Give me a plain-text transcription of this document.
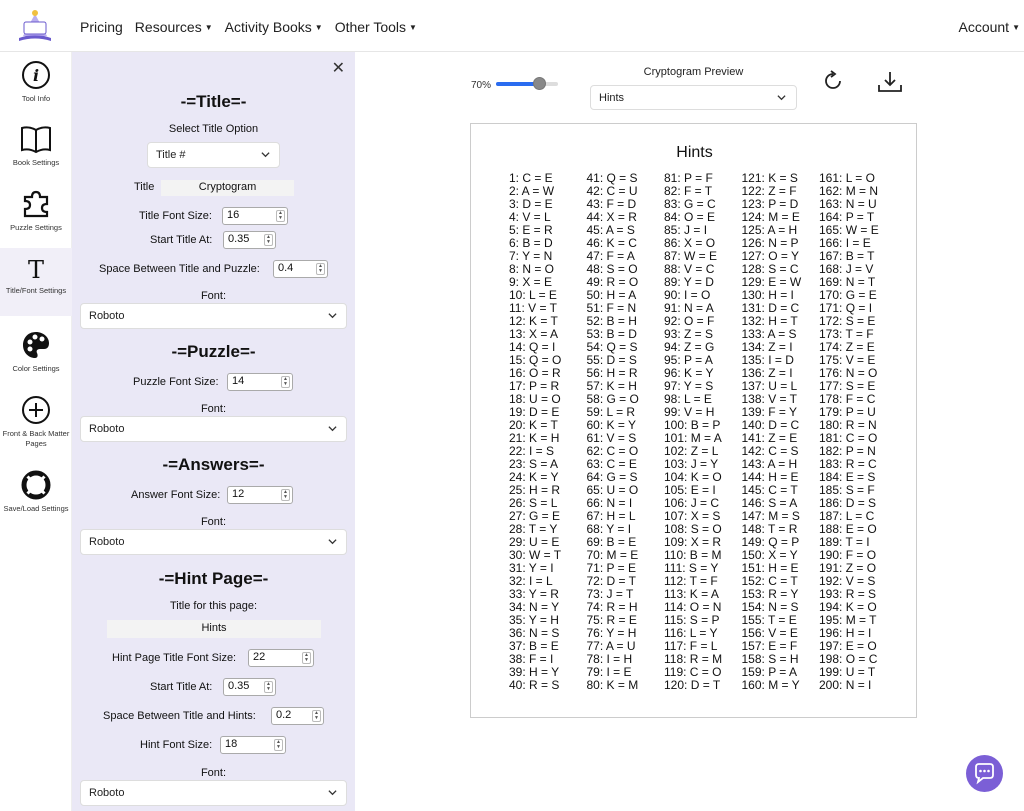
Pricing Resources ▼ Activity Books ▼ Other Tools ▼	Account ▼
i
Tool Info
Book Settings
Puzzle Settings
T
Title/Font Settings
Color Settings
Front & Back Matter Pages
Save/Load Settings
✕
-=Title=-
Select Title Option
Title #
Title	Cryptogram
Title Font Size:	16	▲
▼
Start Title At:	0.35	▲
▼
Space Between Title and Puzzle:	0.4	▲
▼
Font:
Roboto
-=Puzzle=-
Puzzle Font Size:	14	▲
▼
Font:
Roboto
-=Answers=-
Answer Font Size:	12	▲
▼
Font:
Roboto
-=Hint Page=-
Title for this page:
Hints
Hint Page Title Font Size:	22	▲
▼
Start Title At:	0.35	▲
▼
Space Between Title and Hints:	0.2	▲
▼
Hint Font Size:	18	▲
▼
Font:
Roboto
70%
Cryptogram Preview
Hints
Hints
1: C = E
2: A = W
3: D = E
4: V = L
5: E = R
6: B = D
7: Y = N
8: N = O
9: X = E
10: L = E
11: V = T
12: K = T
13: X = A
14: Q = I
15: Q = O
16: O = R
17: P = R
18: U = O
19: D = E
20: K = T
21: K = H
22: I = S
23: S = A
24: K = Y
25: H = R
26: S = L
27: G = E
28: T = Y
29: U = E
30: W = T
31: Y = I
32: I = L
33: Y = R
34: N = Y
35: Y = H
36: N = S
37: B = E
38: F = I
39: H = Y
40: R = S
41: Q = S
42: C = U
43: F = D
44: X = R
45: A = S
46: K = C
47: F = A
48: S = O
49: R = O
50: H = A
51: F = N
52: B = H
53: B = D
54: Q = S
55: D = S
56: H = R
57: K = H
58: G = O
59: L = R
60: K = Y
61: V = S
62: C = O
63: C = E
64: G = S
65: U = O
66: N = I
67: H = L
68: Y = I
69: B = E
70: M = E
71: P = E
72: D = T
73: J = T
74: R = H
75: R = E
76: Y = H
77: A = U
78: I = H
79: I = E
80: K = M
81: P = F
82: F = T
83: G = C
84: O = E
85: J = I
86: X = O
87: W = E
88: V = C
89: Y = D
90: I = O
91: N = A
92: O = F
93: Z = S
94: Z = G
95: P = A
96: K = Y
97: Y = S
98: L = E
99: V = H
100: B = P
101: M = A
102: Z = L
103: J = Y
104: K = O
105: E = I
106: J = C
107: X = S
108: S = O
109: X = R
110: B = M
111: S = Y
112: T = F
113: K = A
114: O = N
115: S = P
116: L = Y
117: F = L
118: R = M
119: C = O
120: D = T
121: K = S
122: Z = F
123: P = D
124: M = E
125: A = H
126: N = P
127: O = Y
128: S = C
129: E = W
130: H = I
131: D = C
132: H = T
133: A = S
134: Z = I
135: I = D
136: Z = I
137: U = L
138: V = T
139: F = Y
140: D = C
141: Z = E
142: C = S
143: A = H
144: H = E
145: C = T
146: S = A
147: M = S
148: T = R
149: Q = P
150: X = Y
151: H = E
152: C = T
153: R = Y
154: N = S
155: T = E
156: V = E
157: E = F
158: S = H
159: P = A
160: M = Y
161: L = O
162: M = N
163: N = U
164: P = T
165: W = E
166: I = E
167: B = T
168: J = V
169: N = T
170: G = E
171: Q = I
172: S = E
173: T = F
174: Z = E
175: V = E
176: N = O
177: S = E
178: F = C
179: P = U
180: R = N
181: C = O
182: P = N
183: R = C
184: E = S
185: S = F
186: D = S
187: L = C
188: E = O
189: T = I
190: F = O
191: Z = O
192: V = S
193: R = S
194: K = O
195: M = T
196: H = I
197: E = O
198: O = C
199: U = T
200: N = I
